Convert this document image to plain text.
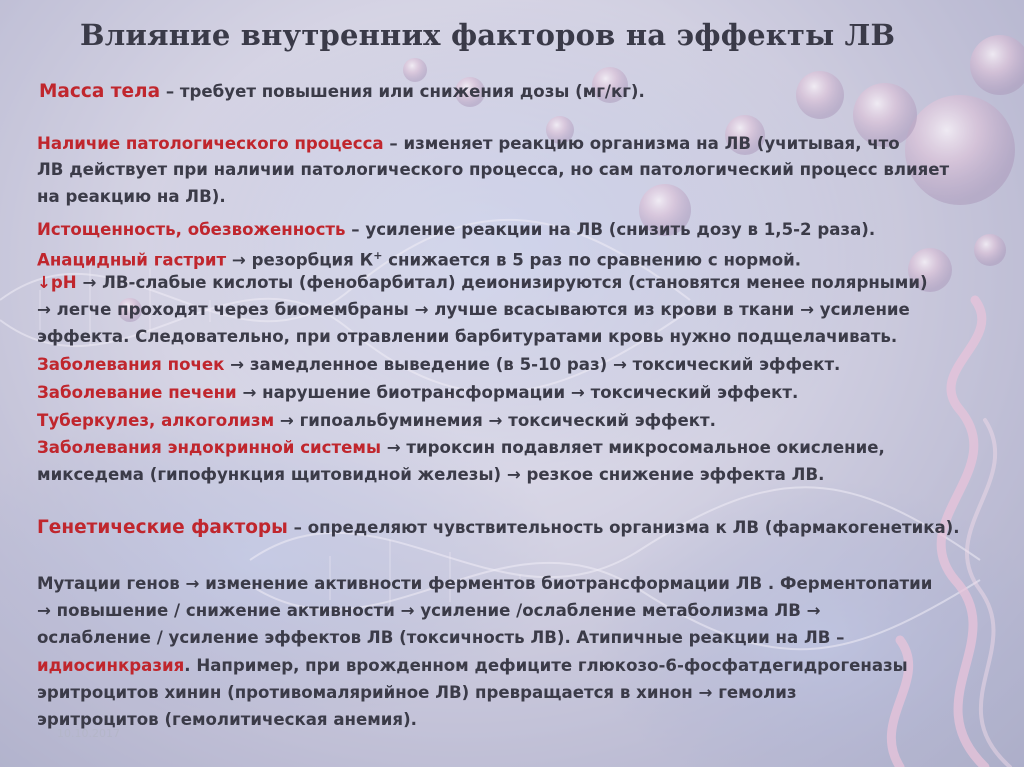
Влияние внутренних факторов на эффекты ЛВ

Масса тела – требует повышения или снижения дозы (мг/кг).

Наличие патологического процесса – изменяет реакцию организма на ЛВ (учитывая, что

ЛВ действует при наличии патологического процесса, но сам патологический процесс влияет

на реакцию на ЛВ).

Истощенность, обезвоженность – усиление реакции на ЛВ (снизить дозу в 1,5-2 раза).

Анацидный гастрит → резорбция К+ снижается в 5 раз по сравнению с нормой.

↓рН → ЛВ-слабые кислоты (фенобарбитал) деионизируются (становятся менее полярными)

→ легче проходят через биомембраны → лучше всасываются из крови в ткани → усиление

эффекта. Следовательно, при отравлении барбитуратами кровь нужно подщелачивать.

Заболевания почек → замедленное выведение (в 5-10 раз) → токсический эффект.

Заболевание печени → нарушение биотрансформации → токсический эффект.

Туберкулез, алкоголизм → гипоальбуминемия → токсический эффект.

Заболевания эндокринной системы → тироксин подавляет микросомальное окисление,

микседема (гипофункция щитовидной железы) → резкое снижение эффекта ЛВ.

Генетические факторы – определяют чувствительность организма к ЛВ (фармакогенетика).

Мутации генов → изменение активности ферментов биотрансформации ЛВ . Ферментопатии

→ повышение / снижение активности → усиление /ослабление метаболизма ЛВ →

ослабление / усиление эффектов ЛВ (токсичность ЛВ). Атипичные реакции на ЛВ –

идиосинкразия. Например, при врожденном дефиците глюкозо-6-фосфатдегидрогеназы

эритроцитов хинин (противомалярийное ЛВ) превращается в хинон → гемолиз

эритроцитов (гемолитическая анемия).

10.10.2017
